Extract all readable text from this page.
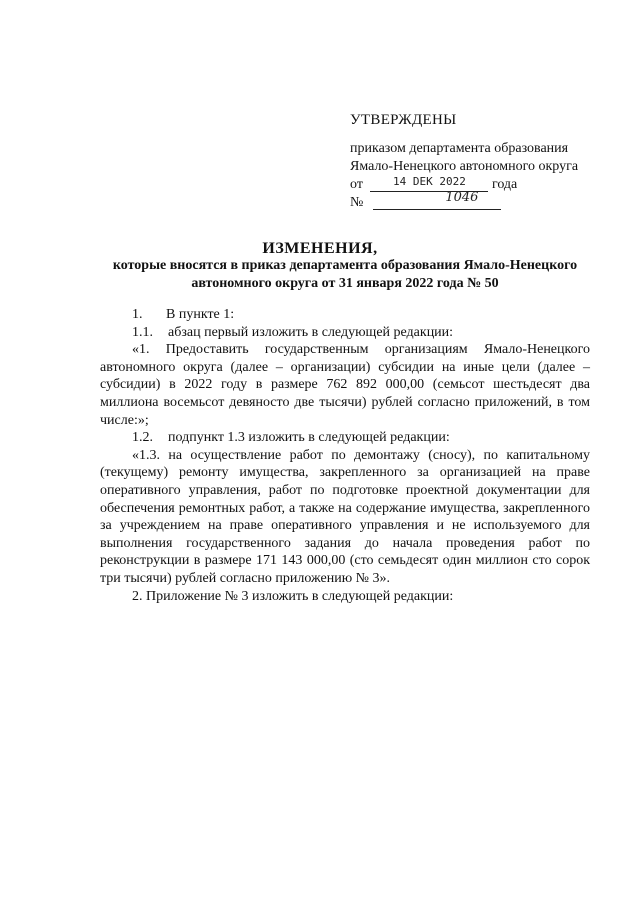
УТВЕРЖДЕНЫ
приказом департамента образования
Ямало-Ненецкого автономного округа
от	$^{14 DEK 2022}$ года
№	1046
ИЗМЕНЕНИЯ,
которые вносятся в приказ департамента образования Ямало-Ненецкого автономного округа от 31 января 2022 года № 50

1. В пункте 1:

1.1. абзац первый изложить в следующей редакции:

«1. Предоставить государственным организациям Ямало-Ненецкого автономного округа (далее – организации) субсидии на иные цели (далее – субсидии) в 2022 году в размере 762 892 000,00 (семьсот шестьдесят два миллиона восемьсот девяносто две тысячи) рублей согласно приложений, в том числе:»;

1.2. подпункт 1.3 изложить в следующей редакции:

«1.3. на осуществление работ по демонтажу (сносу), по капитальному (текущему) ремонту имущества, закрепленного за организацией на праве оперативного управления, работ по подготовке проектной документации для обеспечения ремонтных работ, а также на содержание имущества, закрепленного за учреждением на праве оперативного управления и не используемого для выполнения государственного задания до начала проведения работ по реконструкции в размере 171 143 000,00 (сто семьдесят один миллион сто сорок три тысячи) рублей согласно приложению № 3».

2. Приложение № 3 изложить в следующей редакции:
